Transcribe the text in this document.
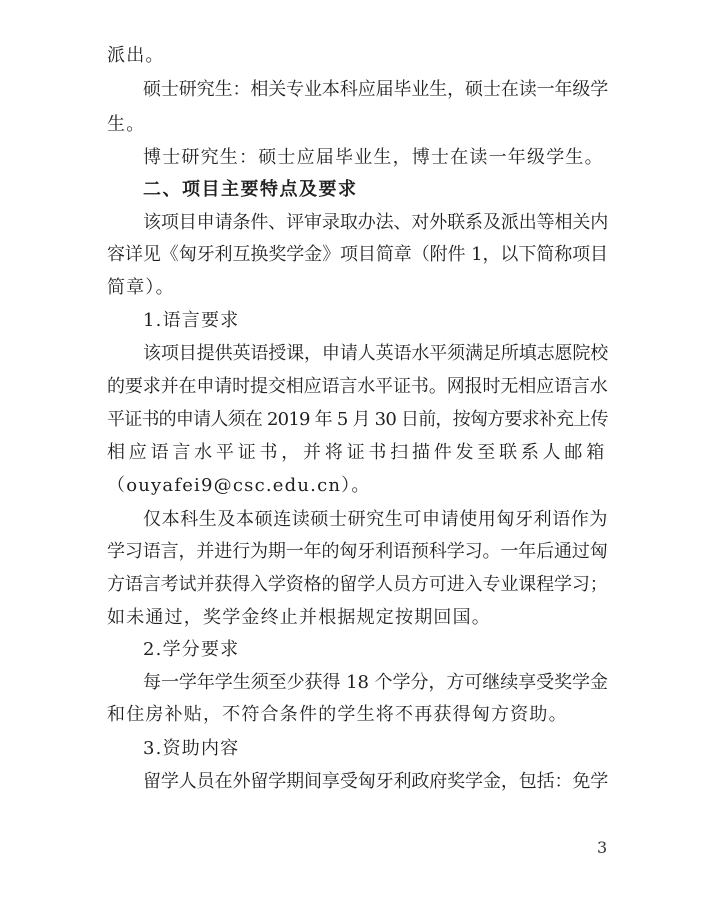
派出。
硕士研究生：相关专业本科应届毕业生，硕士在读一年级学
生。
博士研究生：硕士应届毕业生，博士在读一年级学生。
二、项目主要特点及要求
该项目申请条件、评审录取办法、对外联系及派出等相关内
容详见《匈牙利互换奖学金》项目简章（附件 1，以下简称项目
简章）。
1.语言要求
该项目提供英语授课，申请人英语水平须满足所填志愿院校
的要求并在申请时提交相应语言水平证书。网报时无相应语言水
平证书的申请人须在 2019 年 5 月 30 日前，按匈方要求补充上传
相应语言水平证书，并将证书扫描件发至联系人邮箱
（ouyafei9@csc.edu.cn）。
仅本科生及本硕连读硕士研究生可申请使用匈牙利语作为
学习语言，并进行为期一年的匈牙利语预科学习。一年后通过匈
方语言考试并获得入学资格的留学人员方可进入专业课程学习；
如未通过，奖学金终止并根据规定按期回国。
2.学分要求
每一学年学生须至少获得 18 个学分，方可继续享受奖学金
和住房补贴，不符合条件的学生将不再获得匈方资助。
3.资助内容
留学人员在外留学期间享受匈牙利政府奖学金，包括：免学
3
